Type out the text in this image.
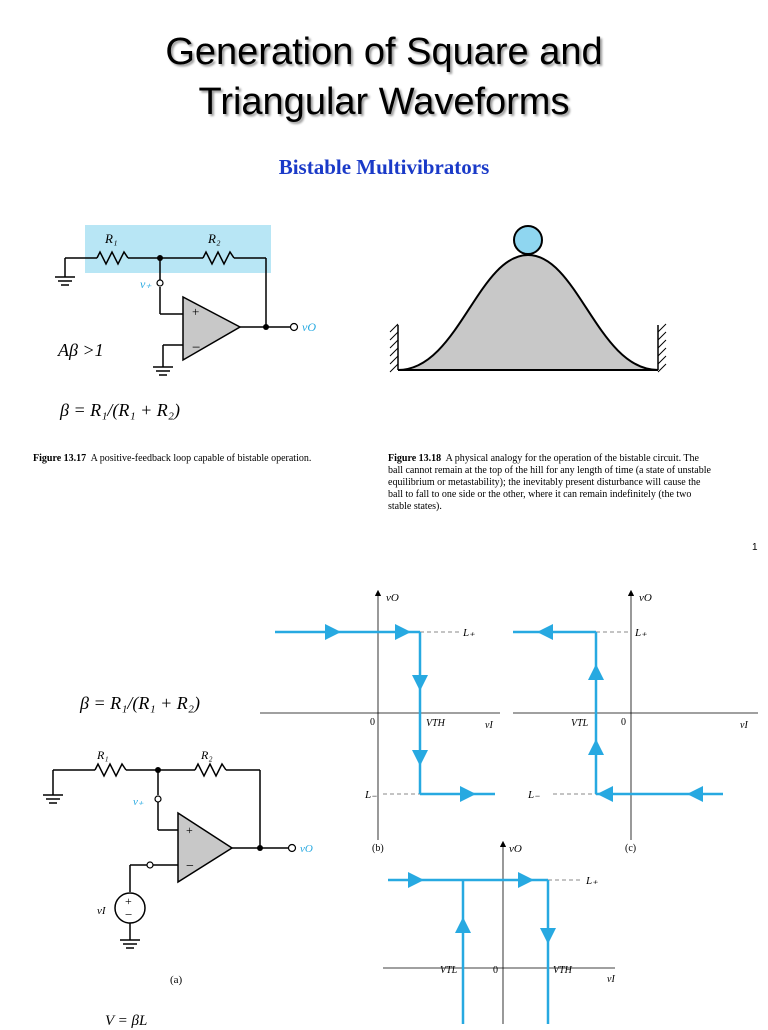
Generation of Square and
Triangular Waveforms
Bistable Multivibrators
+
−
R₁	R₂
v₊
vO
Aβ >1
β = R₁/(R₁ + R₂)
Figure 13.17 A positive-feedback loop capable of bistable operation.	Figure 13.18 A physical analogy for the operation of the bistable circuit. The ball cannot remain at the top of the hill for any length of time (a state of unstable equilibrium or metastability); the inevitably present disturbance will cause the ball to fall to one side or the other, where it can remain indefinitely (the two stable states).
1
β = R₁/(R₁ + R₂)
+
−
+
−
R₁	R₂
v₊
vO
vI
(a)
V = βL
vO
vI
0	VTH
L₊
L₋
(b)
vO
vI
0
VTL
L₊
L₋
(c)
vO
vI
0
VTL	VTH
L₊
